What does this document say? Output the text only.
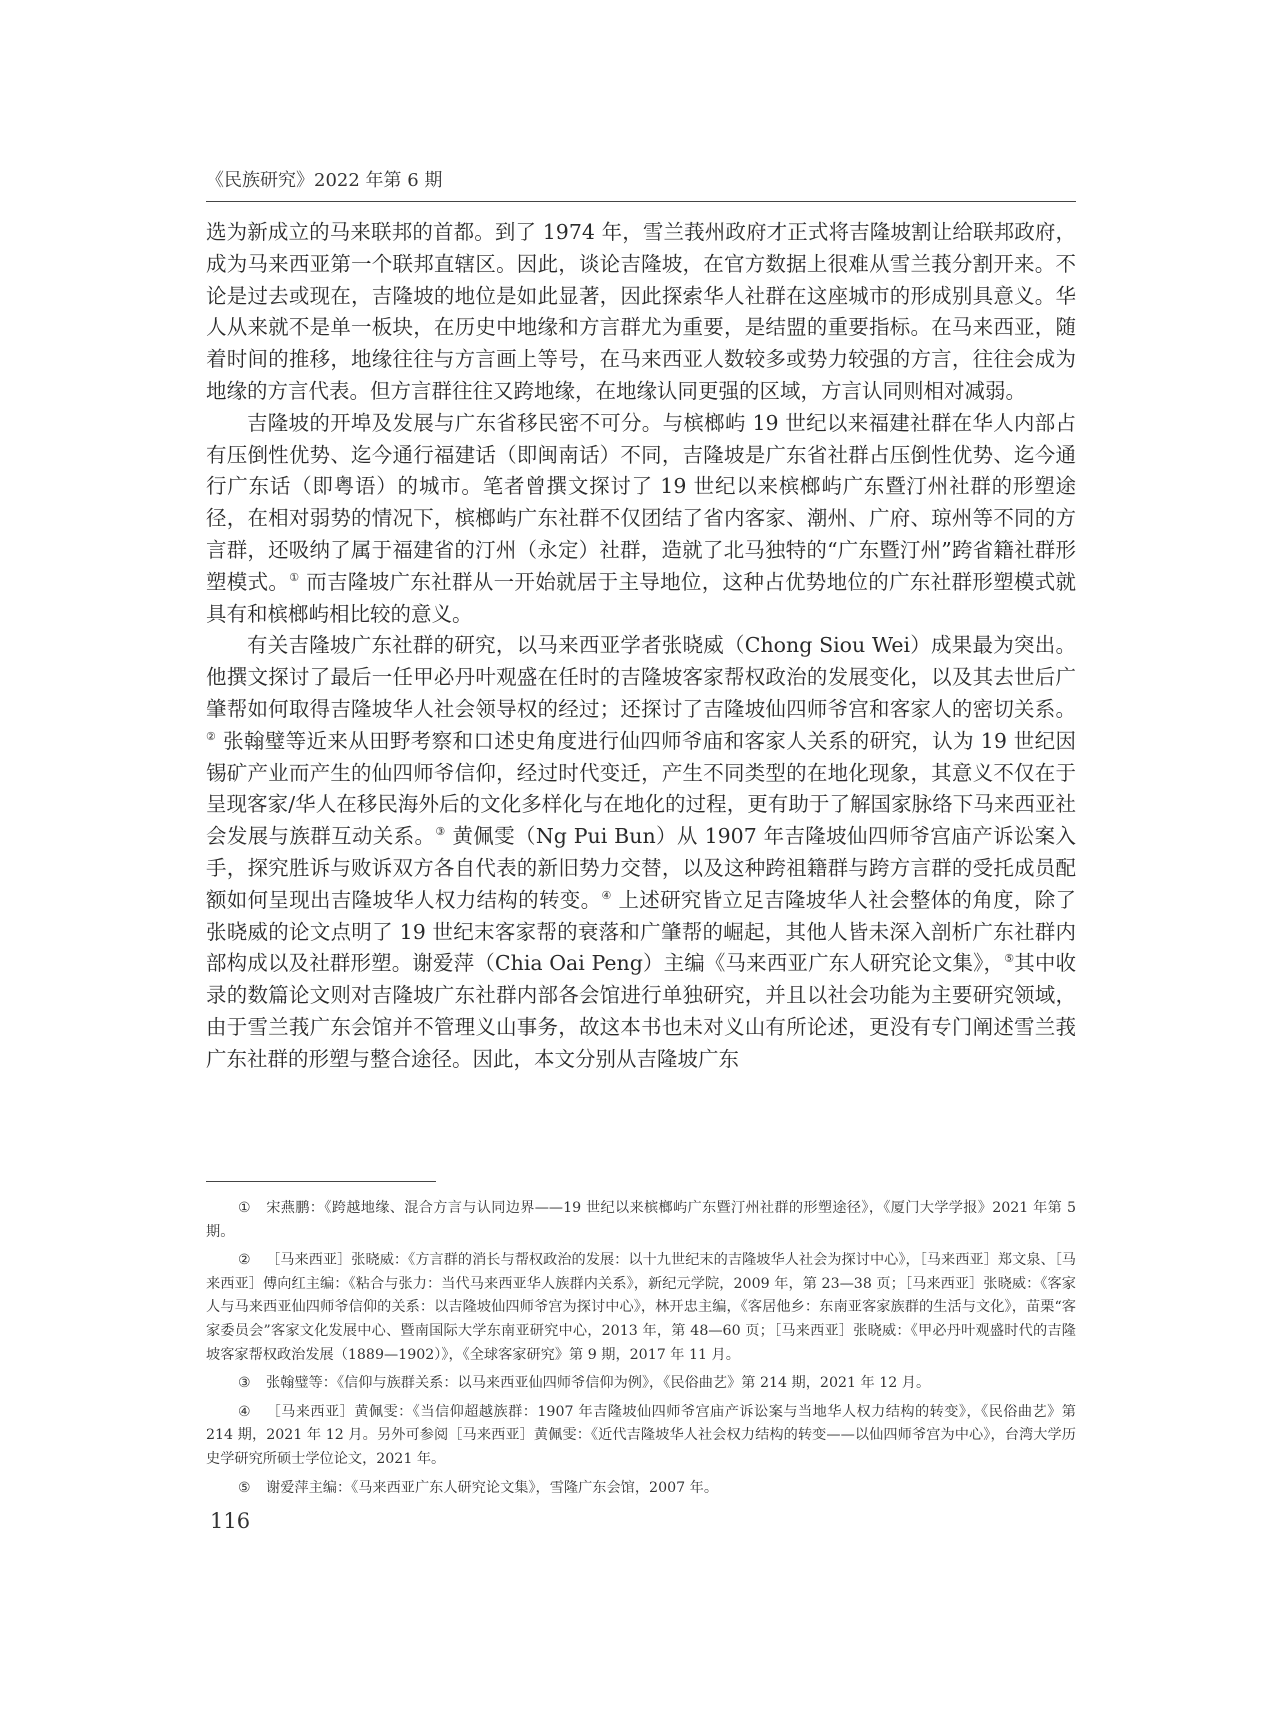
《民族研究》2022 年第 6 期

选为新成立的马来联邦的首都。到了 1974 年，雪兰莪州政府才正式将吉隆坡割让给联邦政府，成为马来西亚第一个联邦直辖区。因此，谈论吉隆坡，在官方数据上很难从雪兰莪分割开来。不论是过去或现在，吉隆坡的地位是如此显著，因此探索华人社群在这座城市的形成别具意义。华人从来就不是单一板块，在历史中地缘和方言群尤为重要，是结盟的重要指标。在马来西亚，随着时间的推移，地缘往往与方言画上等号，在马来西亚人数较多或势力较强的方言，往往会成为地缘的方言代表。但方言群往往又跨地缘，在地缘认同更强的区域，方言认同则相对减弱。

吉隆坡的开埠及发展与广东省移民密不可分。与槟榔屿 19 世纪以来福建社群在华人内部占有压倒性优势、迄今通行福建话（即闽南话）不同，吉隆坡是广东省社群占压倒性优势、迄今通行广东话（即粤语）的城市。笔者曾撰文探讨了 19 世纪以来槟榔屿广东暨汀州社群的形塑途径，在相对弱势的情况下，槟榔屿广东社群不仅团结了省内客家、潮州、广府、琼州等不同的方言群，还吸纳了属于福建省的汀州（永定）社群，造就了北马独特的“广东暨汀州”跨省籍社群形塑模式。① 而吉隆坡广东社群从一开始就居于主导地位，这种占优势地位的广东社群形塑模式就具有和槟榔屿相比较的意义。

有关吉隆坡广东社群的研究，以马来西亚学者张晓威（Chong Siou Wei）成果最为突出。他撰文探讨了最后一任甲必丹叶观盛在任时的吉隆坡客家帮权政治的发展变化，以及其去世后广肇帮如何取得吉隆坡华人社会领导权的经过；还探讨了吉隆坡仙四师爷宫和客家人的密切关系。② 张翰璧等近来从田野考察和口述史角度进行仙四师爷庙和客家人关系的研究，认为 19 世纪因锡矿产业而产生的仙四师爷信仰，经过时代变迁，产生不同类型的在地化现象，其意义不仅在于呈现客家/华人在移民海外后的文化多样化与在地化的过程，更有助于了解国家脉络下马来西亚社会发展与族群互动关系。③ 黄佩雯（Ng Pui Bun）从 1907 年吉隆坡仙四师爷宫庙产诉讼案入手，探究胜诉与败诉双方各自代表的新旧势力交替，以及这种跨祖籍群与跨方言群的受托成员配额如何呈现出吉隆坡华人权力结构的转变。④ 上述研究皆立足吉隆坡华人社会整体的角度，除了张晓威的论文点明了 19 世纪末客家帮的衰落和广肇帮的崛起，其他人皆未深入剖析广东社群内部构成以及社群形塑。谢爱萍（Chia Oai Peng）主编《马来西亚广东人研究论文集》，⑤其中收录的数篇论文则对吉隆坡广东社群内部各会馆进行单独研究，并且以社会功能为主要研究领域，由于雪兰莪广东会馆并不管理义山事务，故这本书也未对义山有所论述，更没有专门阐述雪兰莪广东社群的形塑与整合途径。因此，本文分别从吉隆坡广东

① 宋燕鹏：《跨越地缘、混合方言与认同边界——19 世纪以来槟榔屿广东暨汀州社群的形塑途径》，《厦门大学学报》2021 年第 5 期。

② ［马来西亚］张晓威：《方言群的消长与帮权政治的发展：以十九世纪末的吉隆坡华人社会为探讨中心》，［马来西亚］郑文泉、［马来西亚］傅向红主编：《粘合与张力：当代马来西亚华人族群内关系》，新纪元学院，2009 年，第 23—38 页；［马来西亚］张晓威：《客家人与马来西亚仙四师爷信仰的关系：以吉隆坡仙四师爷宫为探讨中心》，林开忠主编，《客居他乡：东南亚客家族群的生活与文化》，苗栗“客家委员会”客家文化发展中心、暨南国际大学东南亚研究中心，2013 年，第 48—60 页；［马来西亚］张晓威：《甲必丹叶观盛时代的吉隆坡客家帮权政治发展（1889—1902）》，《全球客家研究》第 9 期，2017 年 11 月。

③ 张翰璧等：《信仰与族群关系：以马来西亚仙四师爷信仰为例》，《民俗曲艺》第 214 期，2021 年 12 月。

④ ［马来西亚］黄佩雯：《当信仰超越族群：1907 年吉隆坡仙四师爷宫庙产诉讼案与当地华人权力结构的转变》，《民俗曲艺》第 214 期，2021 年 12 月。另外可参阅［马来西亚］黄佩雯：《近代吉隆坡华人社会权力结构的转变——以仙四师爷宫为中心》，台湾大学历史学研究所硕士学位论文，2021 年。

⑤ 谢爱萍主编：《马来西亚广东人研究论文集》，雪隆广东会馆，2007 年。

116
